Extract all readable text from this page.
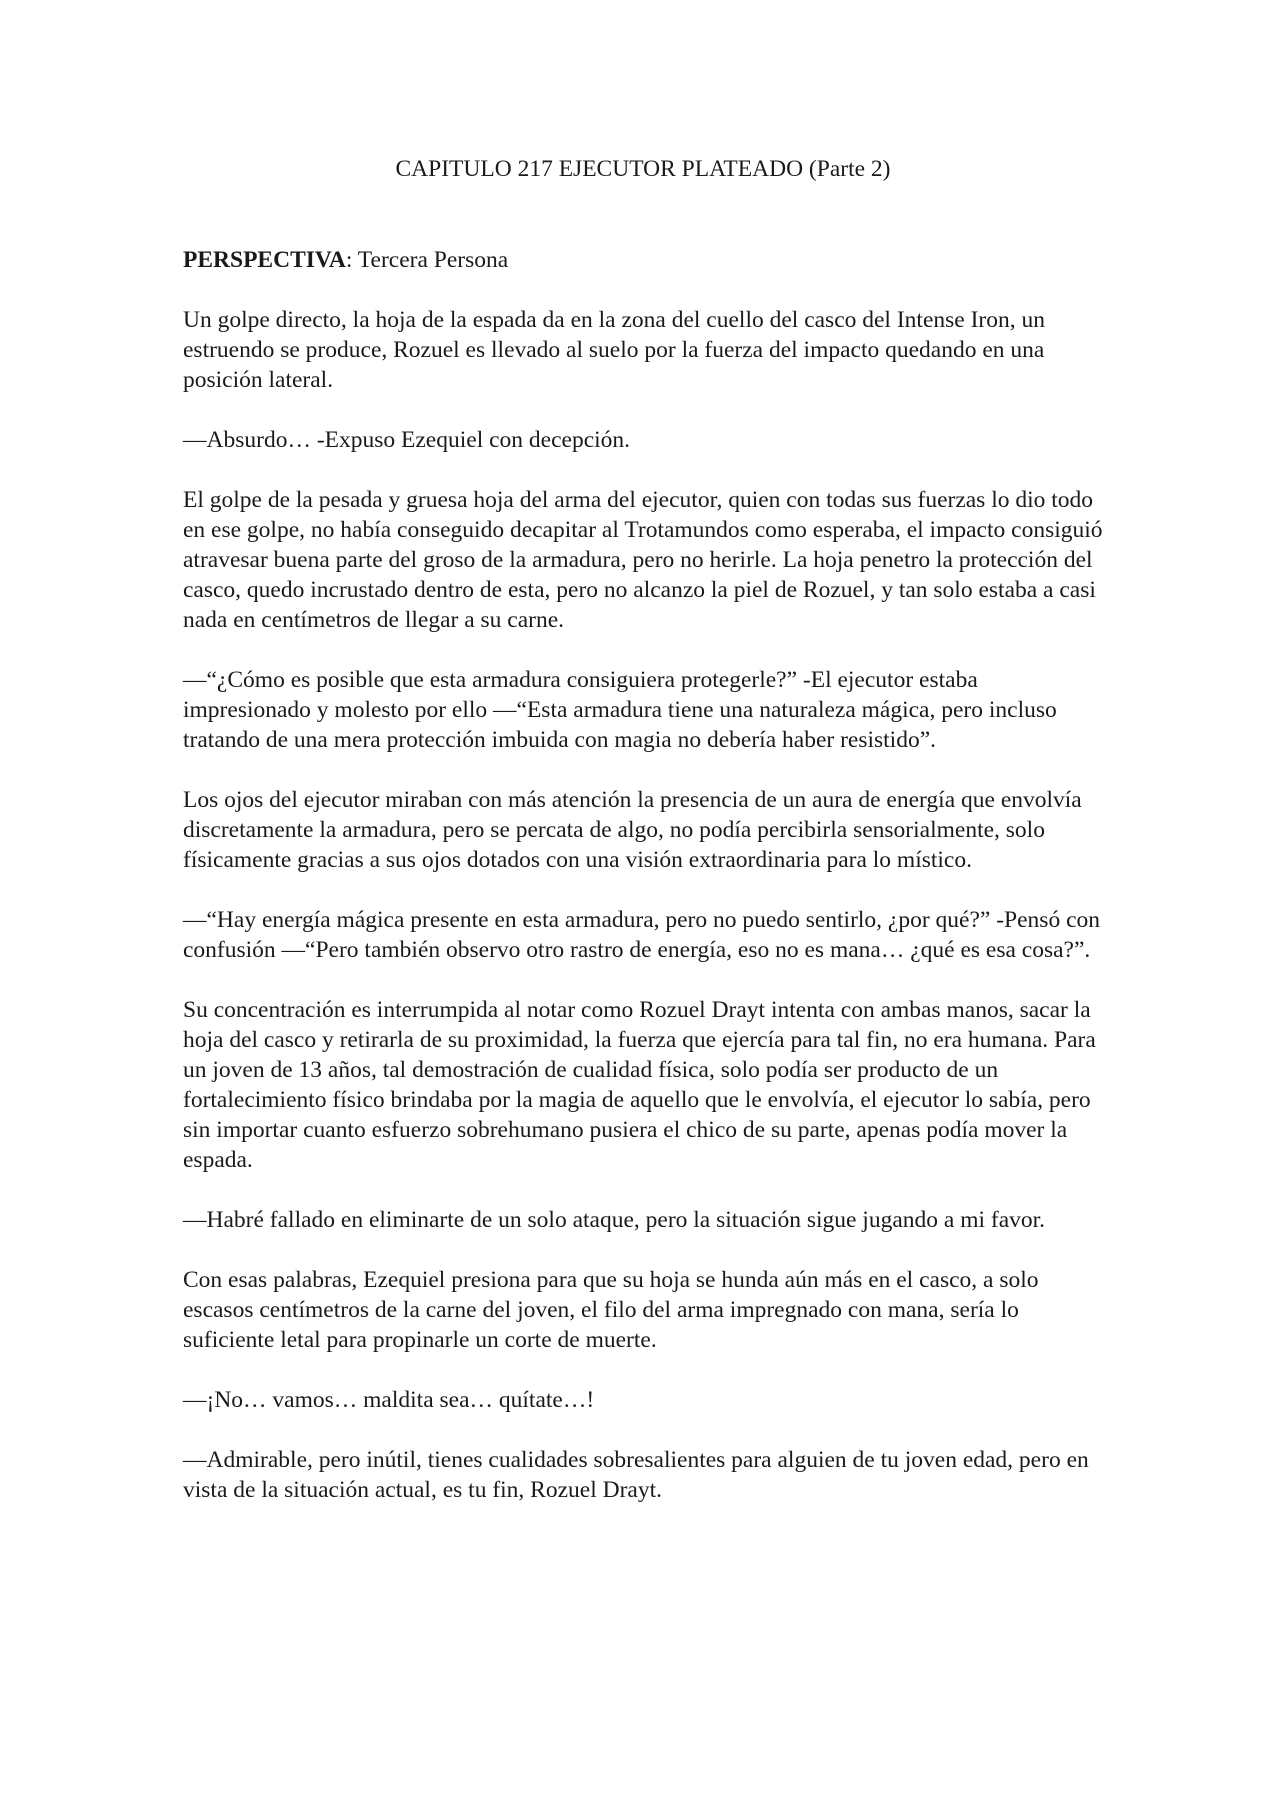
CAPITULO 217 EJECUTOR PLATEADO (Parte 2)
PERSPECTIVA: Tercera Persona

Un golpe directo, la hoja de la espada da en la zona del cuello del casco del Intense Iron, un estruendo se produce, Rozuel es llevado al suelo por la fuerza del impacto quedando en una posición lateral.

—Absurdo… -Expuso Ezequiel con decepción.

El golpe de la pesada y gruesa hoja del arma del ejecutor, quien con todas sus fuerzas lo dio todo en ese golpe, no había conseguido decapitar al Trotamundos como esperaba, el impacto consiguió atravesar buena parte del groso de la armadura, pero no herirle. La hoja penetro la protección del casco, quedo incrustado dentro de esta, pero no alcanzo la piel de Rozuel, y tan solo estaba a casi nada en centímetros de llegar a su carne.

—“¿Cómo es posible que esta armadura consiguiera protegerle?” -El ejecutor estaba impresionado y molesto por ello —“Esta armadura tiene una naturaleza mágica, pero incluso tratando de una mera protección imbuida con magia no debería haber resistido”.

Los ojos del ejecutor miraban con más atención la presencia de un aura de energía que envolvía discretamente la armadura, pero se percata de algo, no podía percibirla sensorialmente, solo físicamente gracias a sus ojos dotados con una visión extraordinaria para lo místico.

—“Hay energía mágica presente en esta armadura, pero no puedo sentirlo, ¿por qué?” -Pensó con confusión —“Pero también observo otro rastro de energía, eso no es mana… ¿qué es esa cosa?”.

Su concentración es interrumpida al notar como Rozuel Drayt intenta con ambas manos, sacar la hoja del casco y retirarla de su proximidad, la fuerza que ejercía para tal fin, no era humana. Para un joven de 13 años, tal demostración de cualidad física, solo podía ser producto de un fortalecimiento físico brindaba por la magia de aquello que le envolvía, el ejecutor lo sabía, pero sin importar cuanto esfuerzo sobrehumano pusiera el chico de su parte, apenas podía mover la espada.

—Habré fallado en eliminarte de un solo ataque, pero la situación sigue jugando a mi favor.

Con esas palabras, Ezequiel presiona para que su hoja se hunda aún más en el casco, a solo escasos centímetros de la carne del joven, el filo del arma impregnado con mana, sería lo suficiente letal para propinarle un corte de muerte.

—¡No… vamos… maldita sea… quítate…!

—Admirable, pero inútil, tienes cualidades sobresalientes para alguien de tu joven edad, pero en vista de la situación actual, es tu fin, Rozuel Drayt.
